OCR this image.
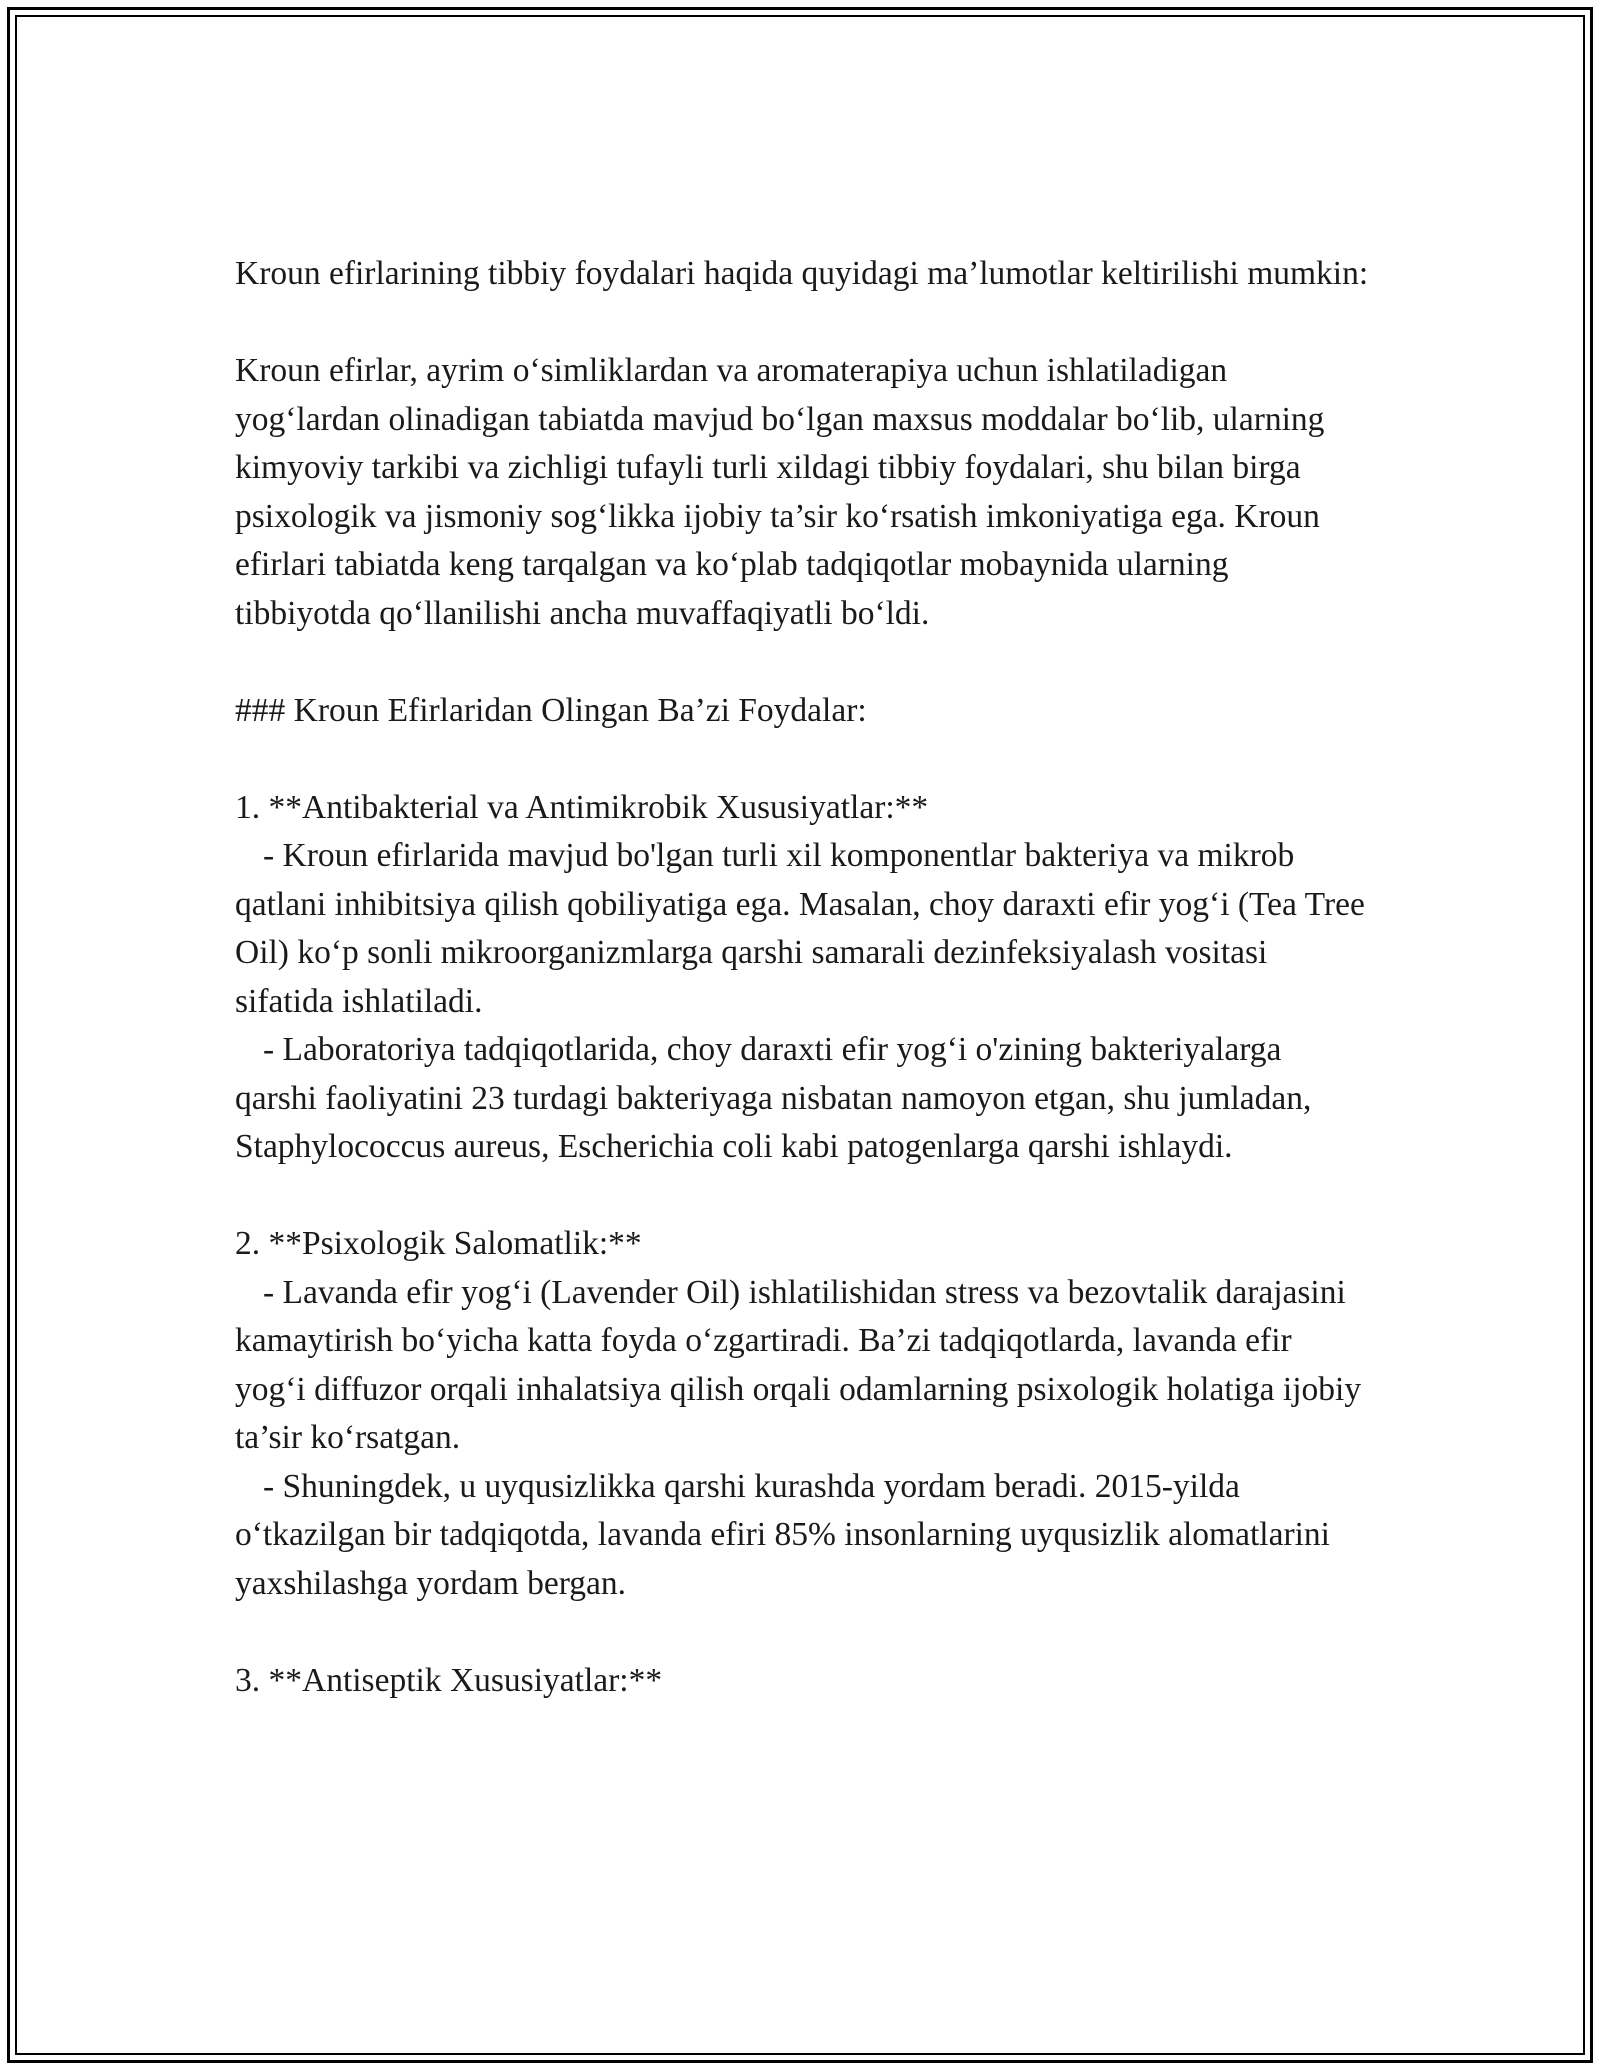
Kroun efirlarining tibbiy foydalari haqida quyidagi ma’lumotlar keltirilishi mumkin:

Kroun efirlar, ayrim o‘simliklardan va aromaterapiya uchun ishlatiladigan yog‘lardan olinadigan tabiatda mavjud bo‘lgan maxsus moddalar bo‘lib, ularning kimyoviy tarkibi va zichligi tufayli turli xildagi tibbiy foydalari, shu bilan birga psixologik va jismoniy sog‘likka ijobiy ta’sir ko‘rsatish imkoniyatiga ega. Kroun efirlari tabiatda keng tarqalgan va ko‘plab tadqiqotlar mobaynida ularning tibbiyotda qo‘llanilishi ancha muvaffaqiyatli bo‘ldi.

### Kroun Efirlaridan Olingan Ba’zi Foydalar:

1. **Antibakterial va Antimikrobik Xususiyatlar:**

- Kroun efirlarida mavjud bo'lgan turli xil komponentlar bakteriya va mikrob qatlani inhibitsiya qilish qobiliyatiga ega. Masalan, choy daraxti efir yog‘i (Tea Tree Oil) ko‘p sonli mikroorganizmlarga qarshi samarali dezinfeksiyalash vositasi sifatida ishlatiladi.

- Laboratoriya tadqiqotlarida, choy daraxti efir yog‘i o'zining bakteriyalarga qarshi faoliyatini 23 turdagi bakteriyaga nisbatan namoyon etgan, shu jumladan, Staphylococcus aureus, Escherichia coli kabi patogenlarga qarshi ishlaydi.

2. **Psixologik Salomatlik:**

- Lavanda efir yog‘i (Lavender Oil) ishlatilishidan stress va bezovtalik darajasini kamaytirish bo‘yicha katta foyda o‘zgartiradi. Ba’zi tadqiqotlarda, lavanda efir yog‘i diffuzor orqali inhalatsiya qilish orqali odamlarning psixologik holatiga ijobiy ta’sir ko‘rsatgan.

- Shuningdek, u uyqusizlikka qarshi kurashda yordam beradi. 2015-yilda o‘tkazilgan bir tadqiqotda, lavanda efiri 85% insonlarning uyqusizlik alomatlarini yaxshilashga yordam bergan.

3. **Antiseptik Xususiyatlar:**
